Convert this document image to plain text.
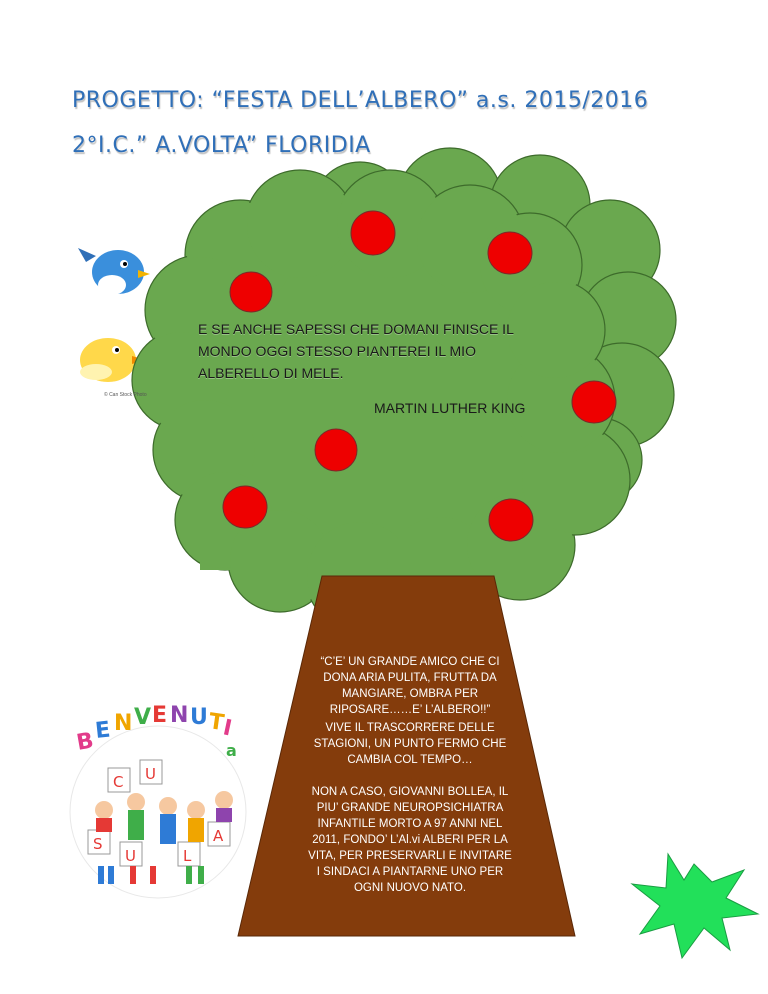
PROGETTO: “FESTA DELL’ALBERO” a.s. 2015/2016
2°I.C.” A.VOLTA” FLORIDIA
B
E N V E N U T
I
a
C U
S
U	L
A
© Can Stock Photo
E SE ANCHE SAPESSI CHE DOMANI FINISCE IL MONDO OGGI STESSO PIANTEREI IL MIO ALBERELLO DI MELE.
MARTIN LUTHER KING
“C’E’ UN GRANDE AMICO CHE CI DONA ARIA PULITA, FRUTTA DA MANGIARE, OMBRA PER RIPOSARE……E’ L’ALBERO!!”
VIVE IL TRASCORRERE DELLE STAGIONI, UN PUNTO FERMO CHE CAMBIA COL TEMPO…
NON A CASO, GIOVANNI BOLLEA, IL PIU’ GRANDE NEUROPSICHIATRA INFANTILE MORTO A 97 ANNI NEL 2011, FONDO’ L’Al.vi ALBERI PER LA VITA, PER PRESERVARLI E INVITARE I SINDACI A PIANTARNE UNO PER OGNI NUOVO NATO.
